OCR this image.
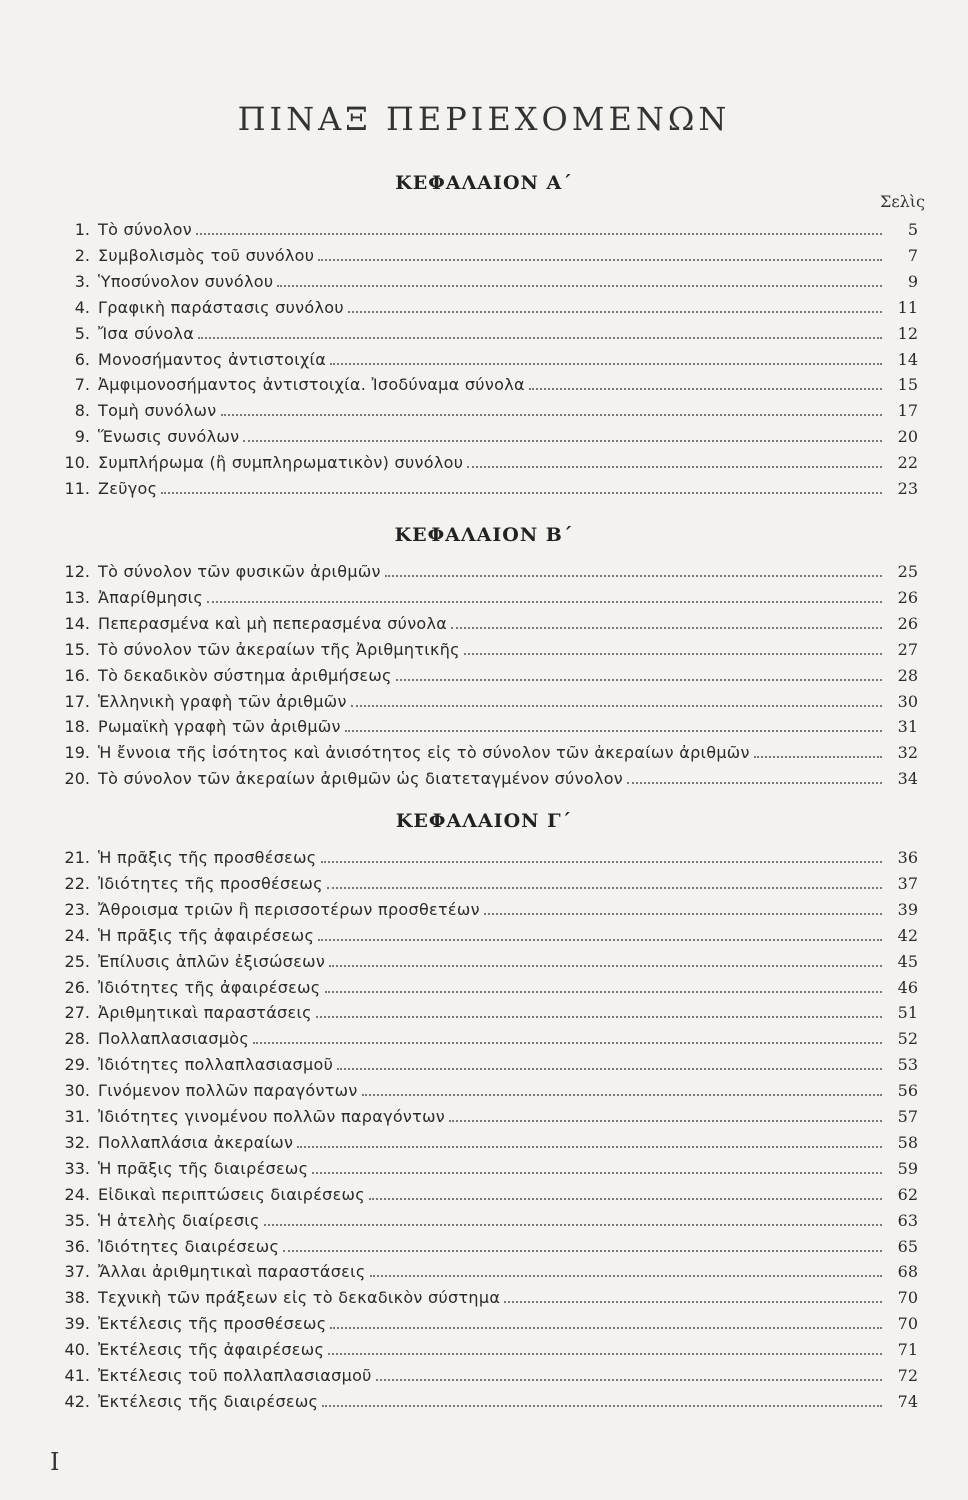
ΠΙΝΑΞ ΠΕΡΙΕΧΟΜΕΝΩΝ
ΚΕΦΑΛΑΙΟΝ Α΄
Σελὶς
ΚΕΦΑΛΑΙΟΝ Β΄
ΚΕΦΑΛΑΙΟΝ Γ΄
1. Τὸ σύνολον	5
2. Συμβολισμὸς τοῦ συνόλου	7
3. Ὑποσύνολον συνόλου	9
4. Γραφικὴ παράστασις συνόλου	11
5. Ἴσα σύνολα	12
6. Μονοσήμαντος ἀντιστοιχία	14
7. Ἀμφιμονοσήμαντος ἀντιστοιχία. Ἰσοδύναμα σύνολα	15
8. Τομὴ συνόλων	17
9. Ἕνωσις συνόλων	20
10. Συμπλήρωμα (ἢ συμπληρωματικὸν) συνόλου	22
11. Ζεῦγος	23
12. Τὸ σύνολον τῶν φυσικῶν ἀριθμῶν	25
13. Ἀπαρίθμησις	26
14. Πεπερασμένα καὶ μὴ πεπερασμένα σύνολα	26
15. Τὸ σύνολον τῶν ἀκεραίων τῆς Ἀριθμητικῆς	27
16. Τὸ δεκαδικὸν σύστημα ἀριθμήσεως	28
17. Ἑλληνικὴ γραφὴ τῶν ἀριθμῶν	30
18. Ρωμαϊκὴ γραφὴ τῶν ἀριθμῶν	31
19. Ἡ ἔννοια τῆς ἰσότητος καὶ ἀνισότητος εἰς τὸ σύνολον τῶν ἀκεραίων ἀριθμῶν	32
20. Τὸ σύνολον τῶν ἀκεραίων ἀριθμῶν ὡς διατεταγμένον σύνολον	34
21. Ἡ πρᾶξις τῆς προσθέσεως	36
22. Ἰδιότητες τῆς προσθέσεως	37
23. Ἄθροισμα τριῶν ἢ περισσοτέρων προσθετέων	39
24. Ἡ πρᾶξις τῆς ἀφαιρέσεως	42
25. Ἐπίλυσις ἁπλῶν ἐξισώσεων	45
26. Ἰδιότητες τῆς ἀφαιρέσεως	46
27. Ἀριθμητικαὶ παραστάσεις	51
28. Πολλαπλασιασμὸς	52
29. Ἰδιότητες πολλαπλασιασμοῦ	53
30. Γινόμενον πολλῶν παραγόντων	56
31. Ἰδιότητες γινομένου πολλῶν παραγόντων	57
32. Πολλαπλάσια ἀκεραίων	58
33. Ἡ πρᾶξις τῆς διαιρέσεως	59
24. Εἰδικαὶ περιπτώσεις διαιρέσεως	62
35. Ἡ ἀτελὴς διαίρεσις	63
36. Ἰδιότητες διαιρέσεως	65
37. Ἄλλαι ἀριθμητικαὶ παραστάσεις	68
38. Τεχνικὴ τῶν πράξεων εἰς τὸ δεκαδικὸν σύστημα	70
39. Ἐκτέλεσις τῆς προσθέσεως	70
40. Ἐκτέλεσις τῆς ἀφαιρέσεως	71
41. Ἐκτέλεσις τοῦ πολλαπλασιασμοῦ	72
42. Ἐκτέλεσις τῆς διαιρέσεως	74
I
